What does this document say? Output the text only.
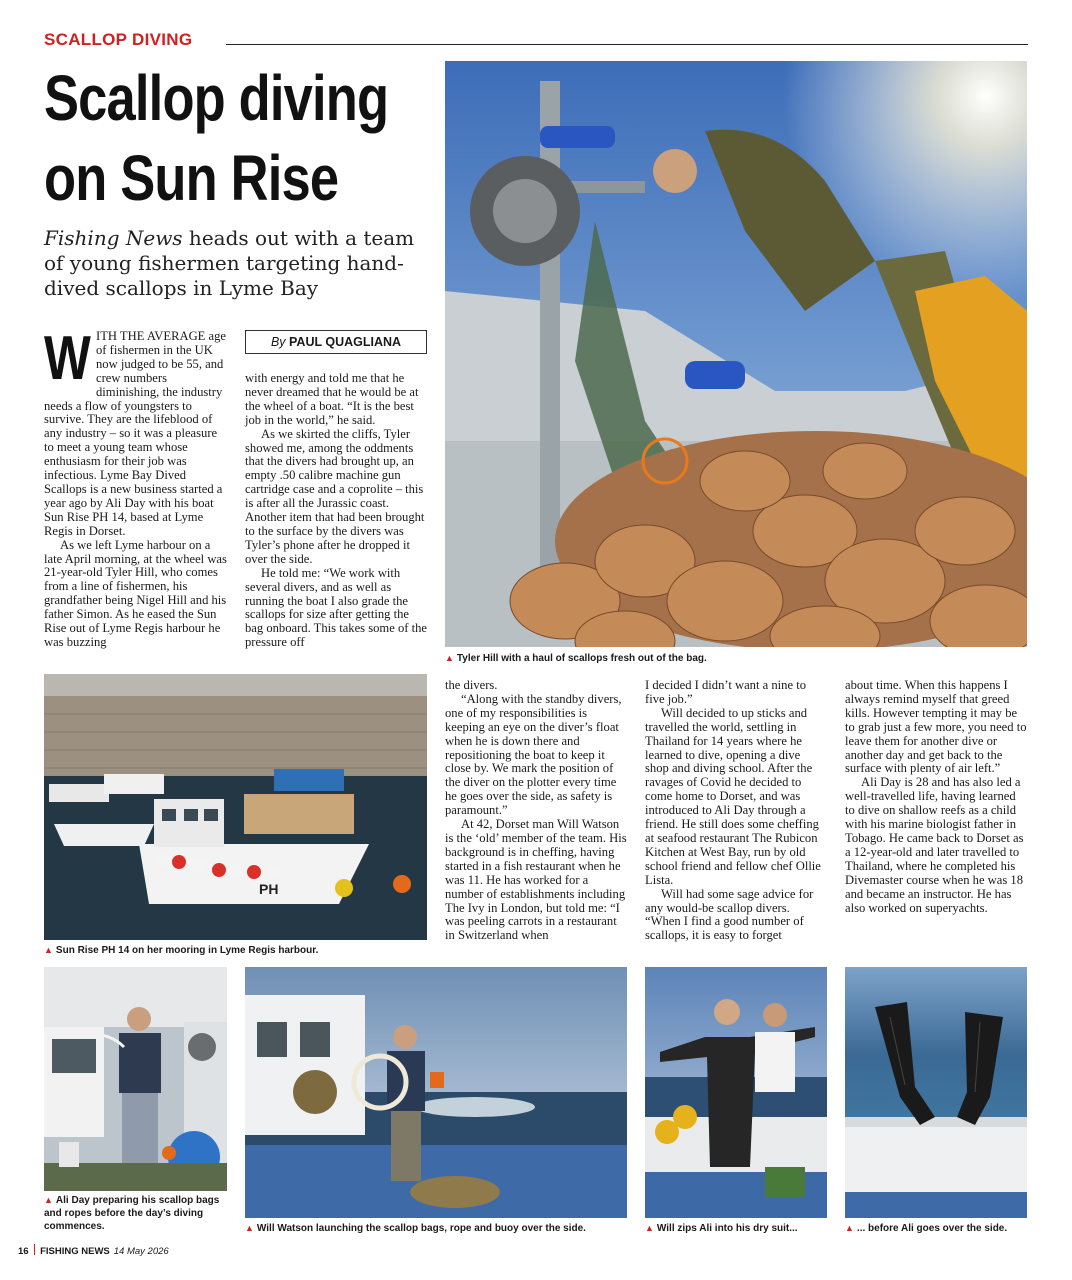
SCALLOP DIVING
Scallop diving
on Sun Rise
Fishing News heads out with a team of young fishermen targeting hand-dived scallops in Lyme Bay
W ITH THE AVERAGE age of fishermen in the UK now judged to be 55, and crew numbers diminishing, the industry needs a flow of youngsters to survive. They are the lifeblood of any industry – so it was a pleasure to meet a young team whose enthusiasm for their job was infectious. Lyme Bay Dived Scallops is a new business started a year ago by Ali Day with his boat Sun Rise PH 14, based at Lyme Regis in Dorset.

As we left Lyme harbour on a late April morning, at the wheel was 21-year-old Tyler Hill, who comes from a line of fishermen, his grandfather being Nigel Hill and his father Simon. As he eased the Sun Rise out of Lyme Regis harbour he was buzzing

By PAUL QUAGLIANA

with energy and told me that he never dreamed that he would be at the wheel of a boat. “It is the best job in the world,” he said.

As we skirted the cliffs, Tyler showed me, among the oddments that the divers had brought up, an empty .50 calibre machine gun cartridge case and a coprolite – this is after all the Jurassic coast. Another item that had been brought to the surface by the divers was Tyler’s phone after he dropped it over the side.

He told me: “We work with several divers, and as well as running the boat I also grade the scallops for size after getting the bag onboard. This takes some of the pressure off

▲ Tyler Hill with a haul of scallops fresh out of the bag.
PH
▲ Sun Rise PH 14 on her mooring in Lyme Regis harbour.

the divers.

“Along with the standby divers, one of my responsibilities is keeping an eye on the diver’s float when he is down there and repositioning the boat to keep it close by. We mark the position of the diver on the plotter every time he goes over the side, as safety is paramount.”

At 42, Dorset man Will Watson is the ‘old’ member of the team. His background is in cheffing, having started in a fish restaurant when he was 11. He has worked for a number of establishments including The Ivy in London, but told me: “I was peeling carrots in a restaurant in Switzerland when

I decided I didn’t want a nine to five job.”

Will decided to up sticks and travelled the world, settling in Thailand for 14 years where he learned to dive, opening a dive shop and diving school. After the ravages of Covid he decided to come home to Dorset, and was introduced to Ali Day through a friend. He still does some cheffing at seafood restaurant The Rubicon Kitchen at West Bay, run by old school friend and fellow chef Ollie Lista.

Will had some sage advice for any would-be scallop divers. “When I find a good number of scallops, it is easy to forget

about time. When this happens I always remind myself that greed kills. However tempting it may be to grab just a few more, you need to leave them for another dive or another day and get back to the surface with plenty of air left.”

Ali Day is 28 and has also led a well-travelled life, having learned to dive on shallow reefs as a child with his marine biologist father in Tobago. He came back to Dorset as a 12-year-old and later travelled to Thailand, where he completed his Divemaster course when he was 18 and became an instructor. He has also worked on superyachts.

▲ Ali Day preparing his scallop bags and ropes before the day’s diving commences.	▲ Will Watson launching the scallop bags, rope and buoy over the side.	▲ Will zips Ali into his dry suit...	▲ ... before Ali goes over the side.
16 FISHING NEWS 14 May 2026
